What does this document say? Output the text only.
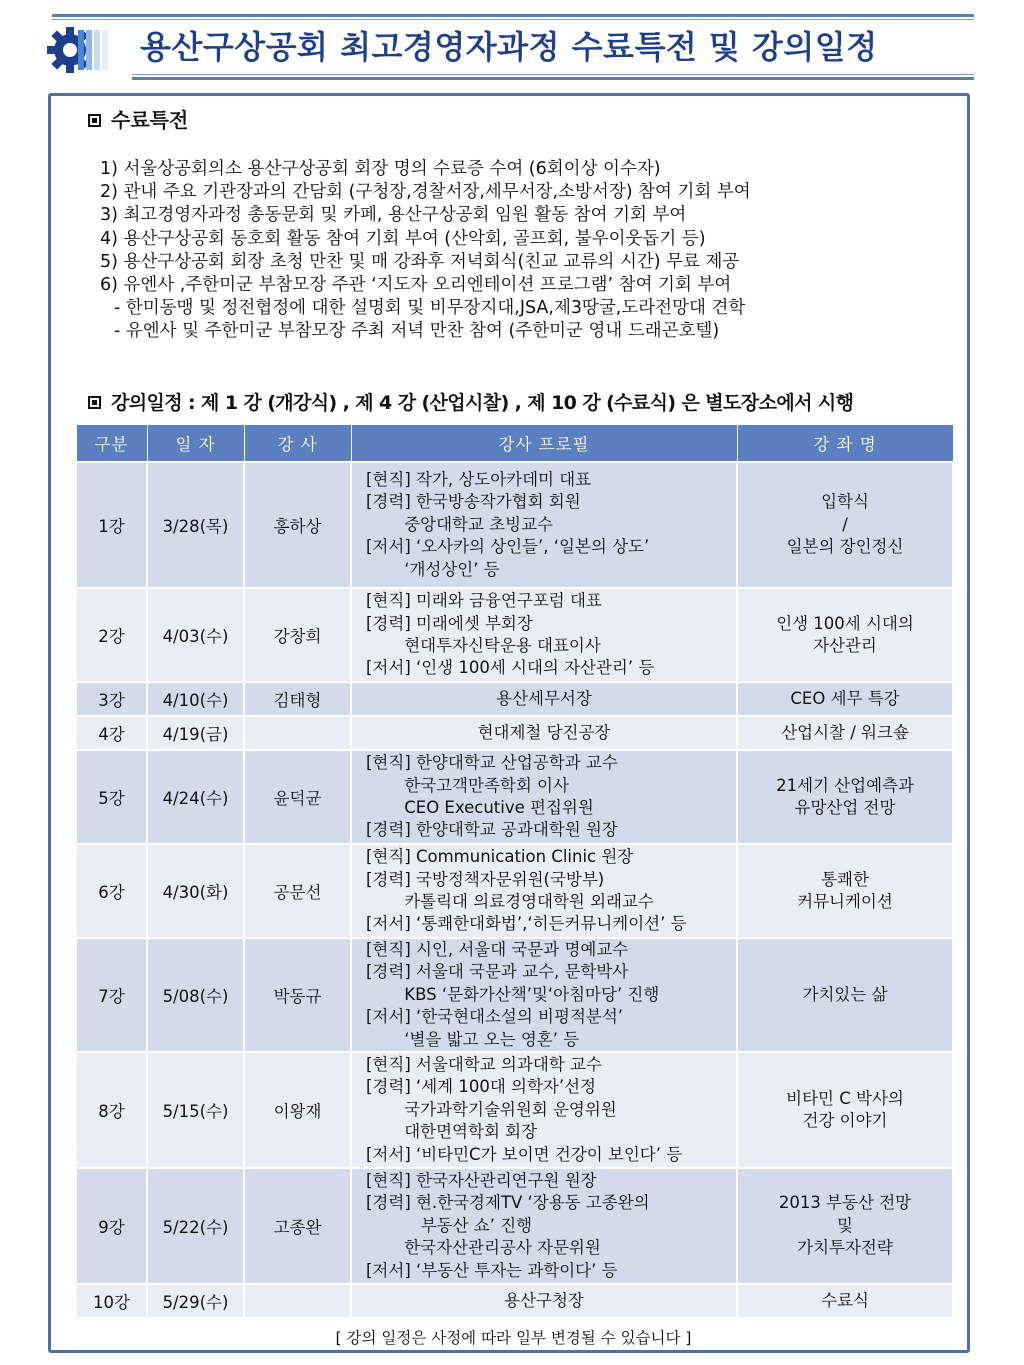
용산구상공회 최고경영자과정 수료특전 및 강의일정
수료특전
1) 서울상공회의소 용산구상공회 회장 명의 수료증 수여 (6회이상 이수자)
2) 관내 주요 기관장과의 간담회 (구청장,경찰서장,세무서장,소방서장) 참여 기회 부여
3) 최고경영자과정 총동문회 및 카페, 용산구상공회 임원 활동 참여 기회 부여
4) 용산구상공회 동호회 활동 참여 기회 부여 (산악회, 골프회, 불우이웃돕기 등)
5) 용산구상공회 회장 초청 만찬 및 매 강좌후 저녁회식(친교 교류의 시간) 무료 제공
6) 유엔사 ,주한미군 부참모장 주관 ‘지도자 오리엔테이션 프로그램’ 참여 기회 부여
- 한미동맹 및 정전협정에 대한 설명회 및 비무장지대,JSA,제3땅굴,도라전망대 견학
- 유엔사 및 주한미군 부참모장 주최 저녁 만찬 참여 (주한미군 영내 드래곤호텔)
강의일정 : 제 1 강 (개강식) , 제 4 강 (산업시찰) , 제 10 강 (수료식) 은 별도장소에서 시행
구분	일 자	강 사	강사 프로필	강 좌 명
1강	3/28(목)	홍하상	[현직] 작가, 상도아카데미 대표
[경력] 한국방송작가협회 회원
　　 중앙대학교 초빙교수
[저서] ‘오사카의 상인들’, ‘일본의 상도’
　　 ‘개성상인’ 등	입학식
/
일본의 장인정신

2강	4/03(수)	강창희	[현직] 미래와 금융연구포럼 대표
[경력] 미래에셋 부회장
　　 현대투자신탁운용 대표이사
[저서] ‘인생 100세 시대의 자산관리’ 등	인생 100세 시대의
자산관리

3강	4/10(수)	김태형	용산세무서장	CEO 세무 특강

4강	4/19(금)		현대제철 당진공장	산업시찰 / 워크숖

5강	4/24(수)	윤덕균	[현직] 한양대학교 산업공학과 교수
　　 한국고객만족학회 이사
　　 CEO Executive 편집위원
[경력] 한양대학교 공과대학원 원장	21세기 산업예측과
유망산업 전망

6강	4/30(화)	공문선	[현직] Communication Clinic 원장
[경력] 국방정책자문위원(국방부)
　　 카톨릭대 의료경영대학원 외래교수
[저서] ‘통쾌한대화법’,‘히든커뮤니케이션’ 등	통쾌한
커뮤니케이션

7강	5/08(수)	박동규	[현직] 시인, 서울대 국문과 명예교수
[경력] 서울대 국문과 교수, 문학박사
　　 KBS ‘문화가산책’및‘아침마당’ 진행
[저서] ‘한국현대소설의 비평적분석’
　　 ‘별을 밟고 오는 영혼’ 등	가치있는 삶

8강	5/15(수)	이왕재	[현직] 서울대학교 의과대학 교수
[경력] ‘세계 100대 의학자’선정
　　 국가과학기술위원회 운영위원
　　 대한면역학회 회장
[저서] ‘비타민C가 보이면 건강이 보인다’ 등	비타민 C 박사의
건강 이야기

9강	5/22(수)	고종완	[현직] 한국자산관리연구원 원장
[경력] 현.한국경제TV ‘장용동 고종완의
　　　 부동산 쇼’ 진행
　　 한국자산관리공사 자문위원
[저서] ‘부동산 투자는 과학이다’ 등	2013 부동산 전망
및
가치투자전략

10강	5/29(수)		용산구청장	수료식
[ 강의 일정은 사정에 따라 일부 변경될 수 있습니다 ]
